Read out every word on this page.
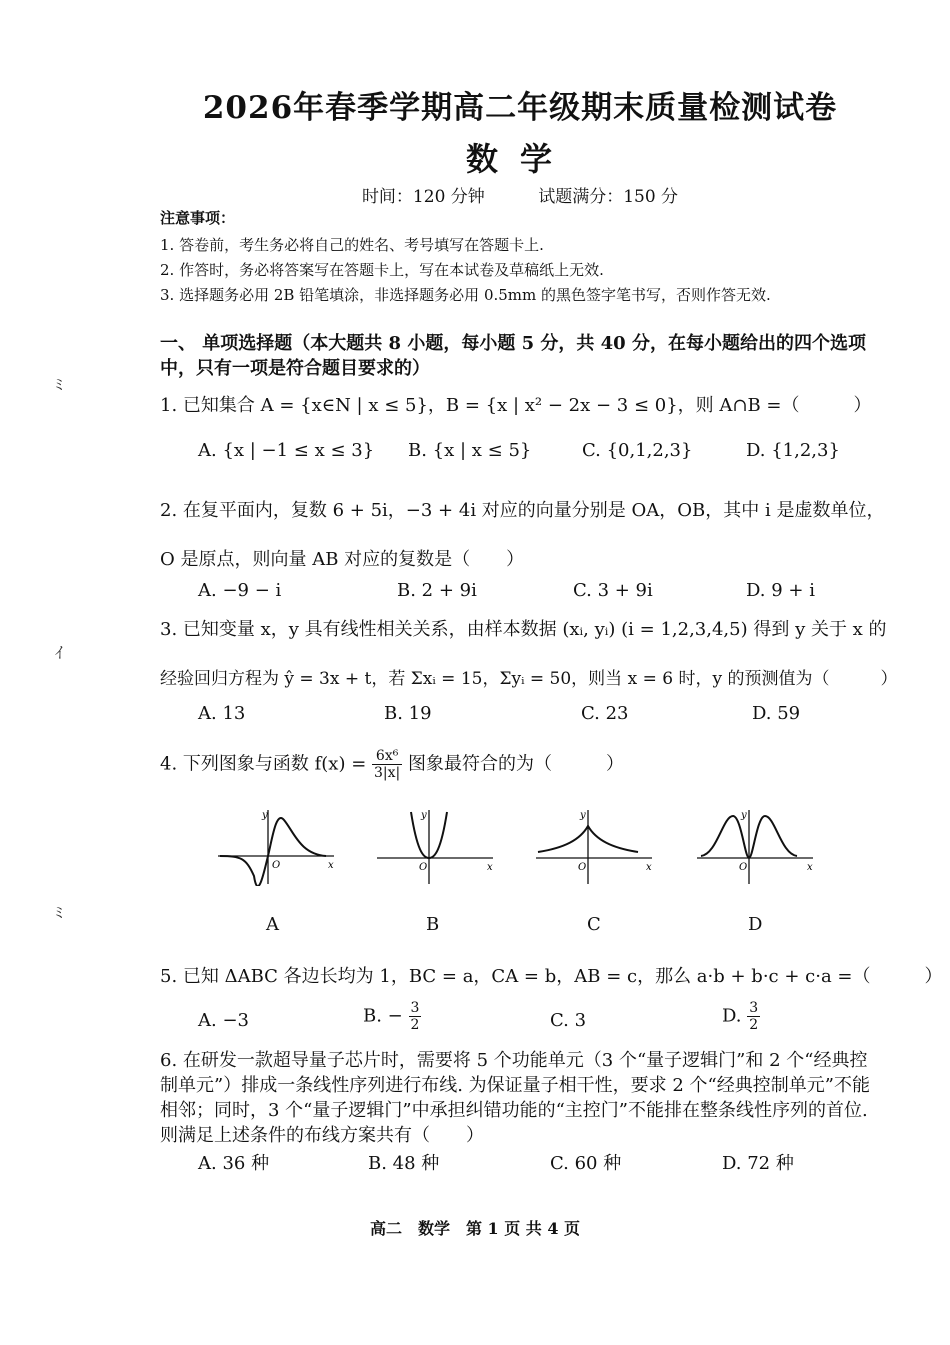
2026年春季学期高二年级期末质量检测试卷
数学
时间：120 分钟	试题满分：150 分
注意事项：
1. 答卷前，考生务必将自己的姓名、考号填写在答题卡上.
2. 作答时，务必将答案写在答题卡上，写在本试卷及草稿纸上无效.
3. 选择题务必用 2B 铅笔填涂，非选择题务必用 0.5mm 的黑色签字笔书写，否则作答无效.
一、 单项选择题（本大题共 8 小题，每小题 5 分，共 40 分，在每小题给出的四个选项中，只有一项是符合题目要求的）
ﾐ
ｲ
ﾐ
1. 已知集合 A = {x∈N | x ≤ 5}，B = {x | x² − 2x − 3 ≤ 0}，则 A∩B =（　　　）
A. {x | −1 ≤ x ≤ 3} B. {x | x ≤ 5}	C. {0,1,2,3}	D. {1,2,3}
2. 在复平面内，复数 6 + 5i，−3 + 4i 对应的向量分别是 OA，OB，其中 i 是虚数单位，
O 是原点，则向量 AB 对应的复数是（　　）
A. −9 − i	B. 2 + 9i	C. 3 + 9i	D. 9 + i
3. 已知变量 x，y 具有线性相关关系，由样本数据 (xᵢ, yᵢ) (i = 1,2,3,4,5) 得到 y 关于 x 的
经验回归方程为 ŷ = 3x + t，若 Σxᵢ = 15，Σyᵢ = 50，则当 x = 6 时，y 的预测值为（　　　）
A. 13	B. 19	C. 23	D. 59
4. 下列图象与函数 $f(x) = \frac{\text{6x⁶}}{3|x|}$ 图象最符合的为（　　　）
y
x
O
y
x
O
y
x
O
y
x
O
A	B	C	D
5. 已知 ΔABC 各边长均为 1，BC = a，CA = b，AB = c，那么 a·b + b·c + c·a =（　　　）
A. −3	B. − $\frac{3}{2}$	C. 3	D. $\frac{3}{2}$
6. 在研发一款超导量子芯片时，需要将 5 个功能单元（3 个“量子逻辑门”和 2 个“经典控制单元”）排成一条线性序列进行布线. 为保证量子相干性，要求 2 个“经典控制单元”不能相邻；同时，3 个“量子逻辑门”中承担纠错功能的“主控门”不能排在整条线性序列的首位. 则满足上述条件的布线方案共有（　　）
A. 36 种	B. 48 种	C. 60 种	D. 72 种
高二　数学　第 1 页 共 4 页
